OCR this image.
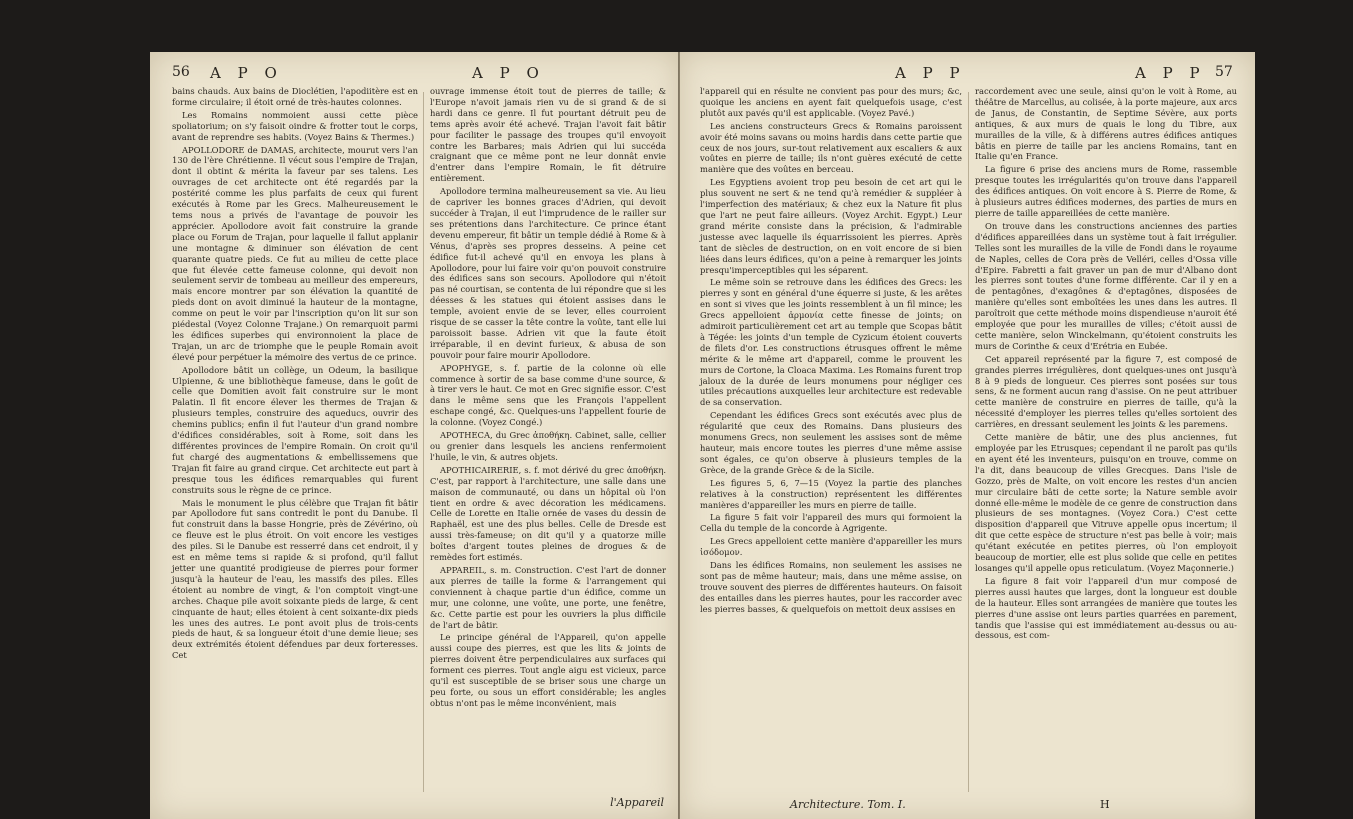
56 A P O	A P O

bains chauds. Aux bains de Dioclétien, l'apodiitère est en forme circulaire; il étoit orné de très-hautes colonnes.

Les Romains nommoient aussi cette pièce spoliatorium; on s'y faisoit oindre & frotter tout le corps, avant de reprendre ses habits. (Voyez Bains & Thermes.)

APOLLODORE de DAMAS, architecte, mourut vers l'an 130 de l'ère Chrétienne. Il vécut sous l'empire de Trajan, dont il obtint & mérita la faveur par ses talens. Les ouvrages de cet architecte ont été regardés par la postérité comme les plus parfaits de ceux qui furent exécutés à Rome par les Grecs. Malheureusement le tems nous a privés de l'avantage de pouvoir les apprécier. Apollodore avoit fait construire la grande place ou Forum de Trajan, pour laquelle il fallut applanir une montagne & diminuer son élévation de cent quarante quatre pieds. Ce fut au milieu de cette place que fut élevée cette fameuse colonne, qui devoit non seulement servir de tombeau au meilleur des empereurs, mais encore montrer par son élévation la quantité de pieds dont on avoit diminué la hauteur de la montagne, comme on peut le voir par l'inscription qu'on lit sur son piédestal (Voyez Colonne Trajane.) On remarquoit parmi les édifices superbes qui environnoient la place de Trajan, un arc de triomphe que le peuple Romain avoit élevé pour perpétuer la mémoire des vertus de ce prince.

Apollodore bâtit un collège, un Odeum, la basilique Ulpienne, & une bibliothèque fameuse, dans le goût de celle que Domitien avoit fait construire sur le mont Palatin. Il fit encore élever les thermes de Trajan & plusieurs temples, construire des aqueducs, ouvrir des chemins publics; enfin il fut l'auteur d'un grand nombre d'édifices considérables, soit à Rome, soit dans les différentes provinces de l'empire Romain. On croit qu'il fut chargé des augmentations & embellissemens que Trajan fit faire au grand cirque. Cet architecte eut part à presque tous les édifices remarquables qui furent construits sous le règne de ce prince.

Mais le monument le plus célèbre que Trajan fit bâtir par Apollodore fut sans contredit le pont du Danube. Il fut construit dans la basse Hongrie, près de Zévérino, où ce fleuve est le plus étroit. On voit encore les vestiges des piles. Si le Danube est resserré dans cet endroit, il y est en même tems si rapide & si profond, qu'il fallut jetter une quantité prodigieuse de pierres pour former jusqu'à la hauteur de l'eau, les massifs des piles. Elles étoient au nombre de vingt, & l'on comptoit vingt-une arches. Chaque pile avoit soixante pieds de large, & cent cinquante de haut; elles étoient à cent soixante-dix pieds les unes des autres. Le pont avoit plus de trois-cents pieds de haut, & sa longueur étoit d'une demie lieue; ses deux extrémités étoient défendues par deux forteresses. Cet

ouvrage immense étoit tout de pierres de taille; & l'Europe n'avoit jamais rien vu de si grand & de si hardi dans ce genre. Il fut pourtant détruit peu de tems après avoir été achevé. Trajan l'avoit fait bâtir pour faciliter le passage des troupes qu'il envoyoit contre les Barbares; mais Adrien qui lui succéda craignant que ce même pont ne leur donnât envie d'entrer dans l'empire Romain, le fit détruire entièrement.

Apollodore termina malheureusement sa vie. Au lieu de capriver les bonnes graces d'Adrien, qui devoit succéder à Trajan, il eut l'imprudence de le railler sur ses prétentions dans l'architecture. Ce prince étant devenu empereur, fit bâtir un temple dédié à Rome & à Vénus, d'après ses propres desseins. A peine cet édifice fut-il achevé qu'il en envoya les plans à Apollodore, pour lui faire voir qu'on pouvoit construire des édifices sans son secours. Apollodore qui n'étoit pas né courtisan, se contenta de lui répondre que si les déesses & les statues qui étoient assises dans le temple, avoient envie de se lever, elles courroient risque de se casser la tête contre la voûte, tant elle lui paroissoit basse. Adrien vit que la faute étoit irréparable, il en devint furieux, & abusa de son pouvoir pour faire mourir Apollodore.

APOPHYGE, s. f. partie de la colonne où elle commence à sortir de sa base comme d'une source, & à tirer vers le haut. Ce mot en Grec signifie essor. C'est dans le même sens que les François l'appellent eschape congé, &c. Quelques-uns l'appellent fourie de la colonne. (Voyez Congé.)

APOTHECA, du Grec ἀποθήκη. Cabinet, salle, cellier ou grenier dans lesquels les anciens renfermoient l'huile, le vin, & autres objets.

APOTHICAIRERIE, s. f. mot dérivé du grec ἀποθήκη. C'est, par rapport à l'architecture, une salle dans une maison de communauté, ou dans un hôpital où l'on tient en ordre & avec décoration les médicamens. Celle de Lorette en Italie ornée de vases du dessin de Raphaël, est une des plus belles. Celle de Dresde est aussi très-fameuse; on dit qu'il y a quatorze mille boîtes d'argent toutes pleines de drogues & de remèdes fort estimés.

APPAREIL, s. m. Construction. C'est l'art de donner aux pierres de taille la forme & l'arrangement qui conviennent à chaque partie d'un édifice, comme un mur, une colonne, une voûte, une porte, une fenêtre, &c. Cette partie est pour les ouvriers la plus difficile de l'art de bâtir.

Le principe général de l'Appareil, qu'on appelle aussi coupe des pierres, est que les lits & joints de pierres doivent être perpendiculaires aux surfaces qui forment ces pierres. Tout angle aigu est vicieux, parce qu'il est susceptible de se briser sous une charge un peu forte, ou sous un effort considérable; les angles obtus n'ont pas le même inconvénient, mais

l'Appareil
A P P	A P P 57

l'appareil qui en résulte ne convient pas pour des murs; &c, quoique les anciens en ayent fait quelquefois usage, c'est plutôt aux pavés qu'il est applicable. (Voyez Pavé.)

Les anciens constructeurs Grecs & Romains paroissent avoir été moins savans ou moins hardis dans cette partie que ceux de nos jours, sur-tout relativement aux escaliers & aux voûtes en pierre de taille; ils n'ont guères exécuté de cette manière que des voûtes en berceau.

Les Egyptiens avoient trop peu besoin de cet art qui le plus souvent ne sert & ne tend qu'à remédier & suppléer à l'imperfection des matériaux; & chez eux la Nature fit plus que l'art ne peut faire ailleurs. (Voyez Archit. Egypt.) Leur grand mérite consiste dans la précision, & l'admirable justesse avec laquelle ils équarrissoient les pierres. Après tant de siècles de destruction, on en voit encore de si bien liées dans leurs édifices, qu'on a peine à remarquer les joints presqu'imperceptibles qui les séparent.

Le même soin se retrouve dans les édifices des Grecs: les pierres y sont en général d'une équerre si juste, & les arêtes en sont si vives que les joints ressemblent à un fil mince; les Grecs appelloient ἁρμονία cette finesse de joints; on admiroit particulièrement cet art au temple que Scopas bâtit à Tégée: les joints d'un temple de Cyzicum étoient couverts de filets d'or. Les constructions étrusques offrent le même mérite & le même art d'appareil, comme le prouvent les murs de Cortone, la Cloaca Maxima. Les Romains furent trop jaloux de la durée de leurs monumens pour négliger ces utiles précautions auxquelles leur architecture est redevable de sa conservation.

Cependant les édifices Grecs sont exécutés avec plus de régularité que ceux des Romains. Dans plusieurs des monumens Grecs, non seulement les assises sont de même hauteur, mais encore toutes les pierres d'une même assise sont égales, ce qu'on observe à plusieurs temples de la Grèce, de la grande Grèce & de la Sicile.

Les figures 5, 6, 7—15 (Voyez la partie des planches relatives à la construction) représentent les différentes manières d'appareiller les murs en pierre de taille.

La figure 5 fait voir l'appareil des murs qui formoient la Cella du temple de la concorde à Agrigente.

Les Grecs appelloient cette manière d'appareiller les murs ἰσόδομον.

Dans les édifices Romains, non seulement les assises ne sont pas de même hauteur; mais, dans une même assise, on trouve souvent des pierres de différentes hauteurs. On faisoit des entailles dans les pierres hautes, pour les raccorder avec les pierres basses, & quelquefois on mettoit deux assises en

raccordement avec une seule, ainsi qu'on le voit à Rome, au théâtre de Marcellus, au colisée, à la porte majeure, aux arcs de Janus, de Constantin, de Septime Sévère, aux ports antiques, & aux murs de quais le long du Tibre, aux murailles de la ville, & à différens autres édifices antiques bâtis en pierre de taille par les anciens Romains, tant en Italie qu'en France.

La figure 6 prise des anciens murs de Rome, rassemble presque toutes les irrégularités qu'on trouve dans l'appareil des édifices antiques. On voit encore à S. Pierre de Rome, & à plusieurs autres édifices modernes, des parties de murs en pierre de taille appareillées de cette manière.

On trouve dans les constructions anciennes des parties d'édifices appareillées dans un système tout à fait irrégulier. Telles sont les murailles de la ville de Fondi dans le royaume de Naples, celles de Cora près de Velléri, celles d'Ossa ville d'Epire. Fabretti a fait graver un pan de mur d'Albano dont les pierres sont toutes d'une forme différente. Car il y en a de pentagônes, d'exagônes & d'eptagônes, disposées de manière qu'elles sont emboîtées les unes dans les autres. Il paroîtroit que cette méthode moins dispendieuse n'auroit été employée que pour les murailles de villes; c'étoit aussi de cette manière, selon Winckelmann, qu'étoient construits les murs de Corinthe & ceux d'Erétria en Eubée.

Cet appareil représenté par la figure 7, est composé de grandes pierres irrégulières, dont quelques-unes ont jusqu'à 8 à 9 pieds de longueur. Ces pierres sont posées sur tous sens, & ne forment aucun rang d'assise. On ne peut attribuer cette manière de construire en pierres de taille, qu'à la nécessité d'employer les pierres telles qu'elles sortoient des carrières, en dressant seulement les joints & les paremens.

Cette manière de bâtir, une des plus anciennes, fut employée par les Etrusques; cependant il ne paroît pas qu'ils en ayent été les inventeurs, puisqu'on en trouve, comme on l'a dit, dans beaucoup de villes Grecques. Dans l'isle de Gozzo, près de Malte, on voit encore les restes d'un ancien mur circulaire bâti de cette sorte; la Nature semble avoir donné elle-même le modèle de ce genre de construction dans plusieurs de ses montagnes. (Voyez Cora.) C'est cette disposition d'appareil que Vitruve appelle opus incertum; il dit que cette espèce de structure n'est pas belle à voir; mais qu'étant exécutée en petites pierres, où l'on employoit beaucoup de mortier, elle est plus solide que celle en petites losanges qu'il appelle opus reticulatum. (Voyez Maçonnerie.)

La figure 8 fait voir l'appareil d'un mur composé de pierres aussi hautes que larges, dont la longueur est double de la hauteur. Elles sont arrangées de manière que toutes les pierres d'une assise ont leurs parties quarrées en parement, tandis que l'assise qui est immédiatement au-dessus ou au-dessous, est com-

Architecture. Tom. I.	H
